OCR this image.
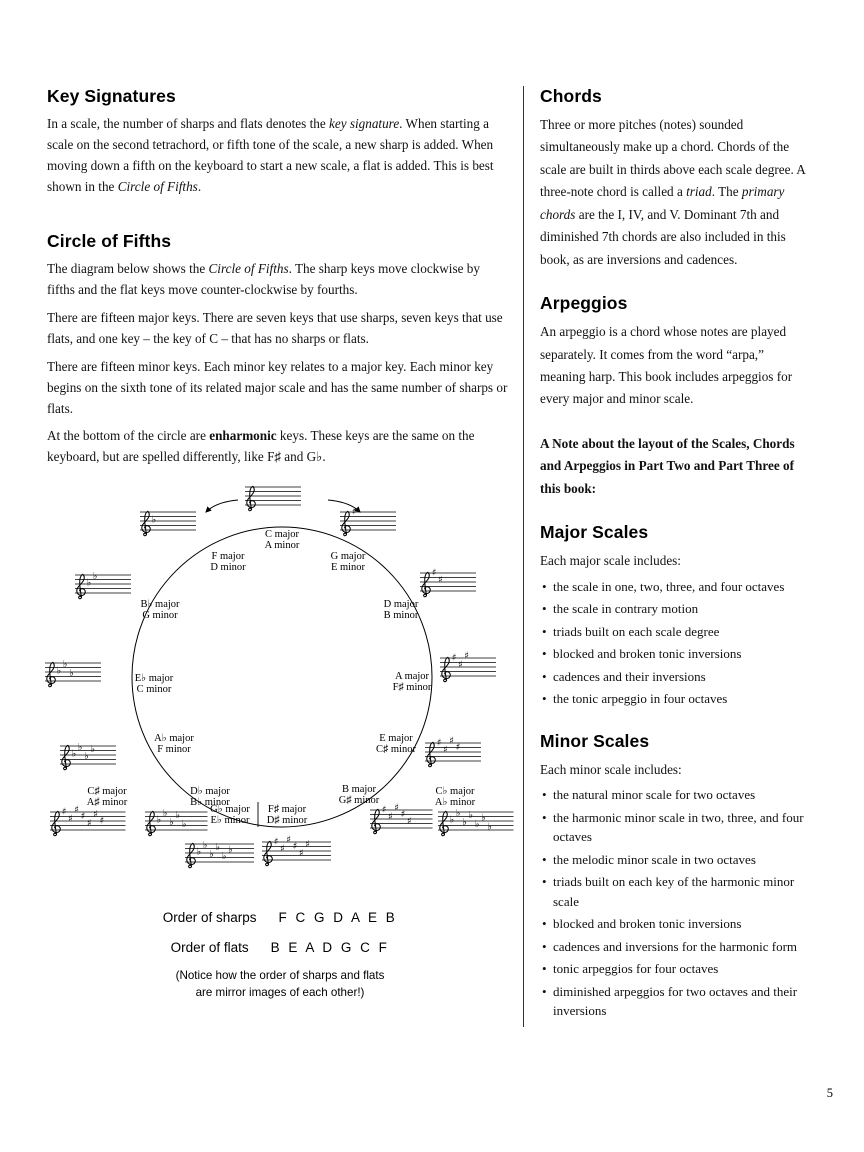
Key Signatures

In a scale, the number of sharps and flats denotes the key signature. When starting a scale on the second tetrachord, or fifth tone of the scale, a new sharp is added. When moving down a fifth on the keyboard to start a new scale, a flat is added. This is best shown in the Circle of Fifths.

Circle of Fifths

The diagram below shows the Circle of Fifths. The sharp keys move clockwise by fifths and the flat keys move counter-clockwise by fourths.

There are fifteen major keys. There are seven keys that use sharps, seven keys that use flats, and one key – the key of C – that has no sharps or flats.

There are fifteen minor keys. Each minor key relates to a major key. Each minor key begins on the sixth tone of its related major scale and has the same number of sharps or flats.

At the bottom of the circle are enharmonic keys. These keys are the same on the keyboard, but are spelled differently, like F♯ and G♭.

C major
A minor
♯
G major
E minor	♯
♯
D major
B minor
♯
♯
♯
A major
F♯ minor
♯
♯
♯
♯
E major
C♯ minor
♯
♯
♯
♯
♯
B major
G♯ minor
♯
♯
♯
♯
♯
♯
F♯ major
D♯ minor
♯
♯
♯
♯
♯
♯
♯
C♯ major
A♯ minor
♭
F major
D minor
♭
♭
B♭ major
G minor
♭
♭
♭	E♭ major
C minor
♭
♭
♭
♭
A♭ major
F minor
♭
♭
♭
♭
♭
D♭ major
B♭ minor
♭
♭
♭
♭
♭
♭
G♭ major
E♭ minor	♭
♭
♭
♭
♭
♭
♭
C♭ major
A♭ minor
Order of sharps F C G D A E B
Order of flats B E A D G C F
(Notice how the order of sharps and flats
are mirror images of each other!)
Chords

Three or more pitches (notes) sounded simultaneously make up a chord. Chords of the scale are built in thirds above each scale degree. A three-note chord is called a triad. The primary chords are the I, IV, and V. Dominant 7th and diminished 7th chords are also included in this book, as are inversions and cadences.

Arpeggios

An arpeggio is a chord whose notes are played separately. It comes from the word “arpa,” meaning harp. This book includes arpeggios for every major and minor scale.

A Note about the layout of the Scales, Chords and Arpeggios in Part Two and Part Three of this book:

Major Scales

Each major scale includes:

• the scale in one, two, three, and four octaves
• the scale in contrary motion
• triads built on each scale degree
• blocked and broken tonic inversions
• cadences and their inversions
• the tonic arpeggio in four octaves
Minor Scales

Each minor scale includes:

• the natural minor scale for two octaves
• the harmonic minor scale in two, three, and four octaves
• the melodic minor scale in two octaves
• triads built on each key of the harmonic minor scale
• blocked and broken tonic inversions
• cadences and inversions for the harmonic form
• tonic arpeggios for four octaves
• diminished arpeggios for two octaves and their inversions
5
